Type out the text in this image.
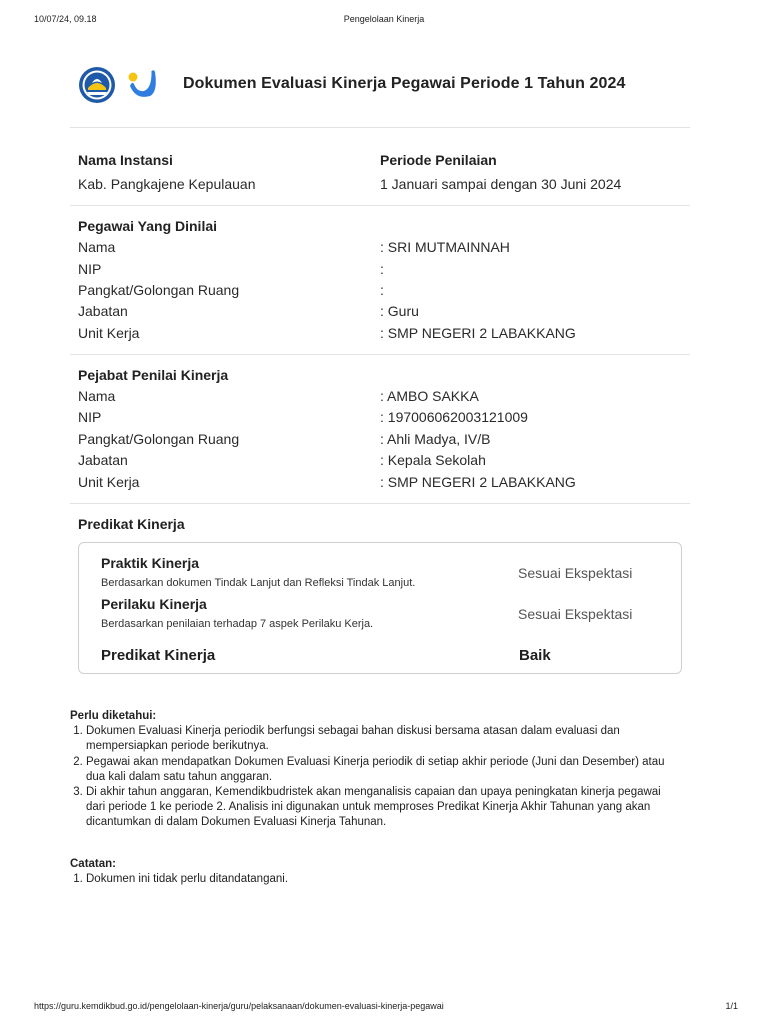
10/07/24, 09.18	Pengelolaan Kinerja
Dokumen Evaluasi Kinerja Pegawai Periode 1 Tahun 2024
Nama Instansi
Kab. Pangkajene Kepulauan
Periode Penilaian
1 Januari sampai dengan 30 Juni 2024
Pegawai Yang Dinilai
Nama	: SRI MUTMAINNAH
NIP	:
Pangkat/Golongan Ruang	:
Jabatan	: Guru
Unit Kerja	: SMP NEGERI 2 LABAKKANG
Pejabat Penilai Kinerja
Nama	: AMBO SAKKA
NIP	: 197006062003121009
Pangkat/Golongan Ruang	: Ahli Madya, IV/B
Jabatan	: Kepala Sekolah
Unit Kerja	: SMP NEGERI 2 LABAKKANG
Predikat Kinerja
Praktik Kinerja
Berdasarkan dokumen Tindak Lanjut dan Refleksi Tindak Lanjut.
Sesuai Ekspektasi
Perilaku Kinerja
Berdasarkan penilaian terhadap 7 aspek Perilaku Kerja.
Sesuai Ekspektasi
Predikat Kinerja	Baik
Perlu diketahui:
1. Dokumen Evaluasi Kinerja periodik berfungsi sebagai bahan diskusi bersama atasan dalam evaluasi dan mempersiapkan periode berikutnya.
2. Pegawai akan mendapatkan Dokumen Evaluasi Kinerja periodik di setiap akhir periode (Juni dan Desember) atau dua kali dalam satu tahun anggaran.
3. Di akhir tahun anggaran, Kemendikbudristek akan menganalisis capaian dan upaya peningkatan kinerja pegawai dari periode 1 ke periode 2. Analisis ini digunakan untuk memproses Predikat Kinerja Akhir Tahunan yang akan dicantumkan di dalam Dokumen Evaluasi Kinerja Tahunan.
Catatan:
1. Dokumen ini tidak perlu ditandatangani.
https://guru.kemdikbud.go.id/pengelolaan-kinerja/guru/pelaksanaan/dokumen-evaluasi-kinerja-pegawai	1/1
